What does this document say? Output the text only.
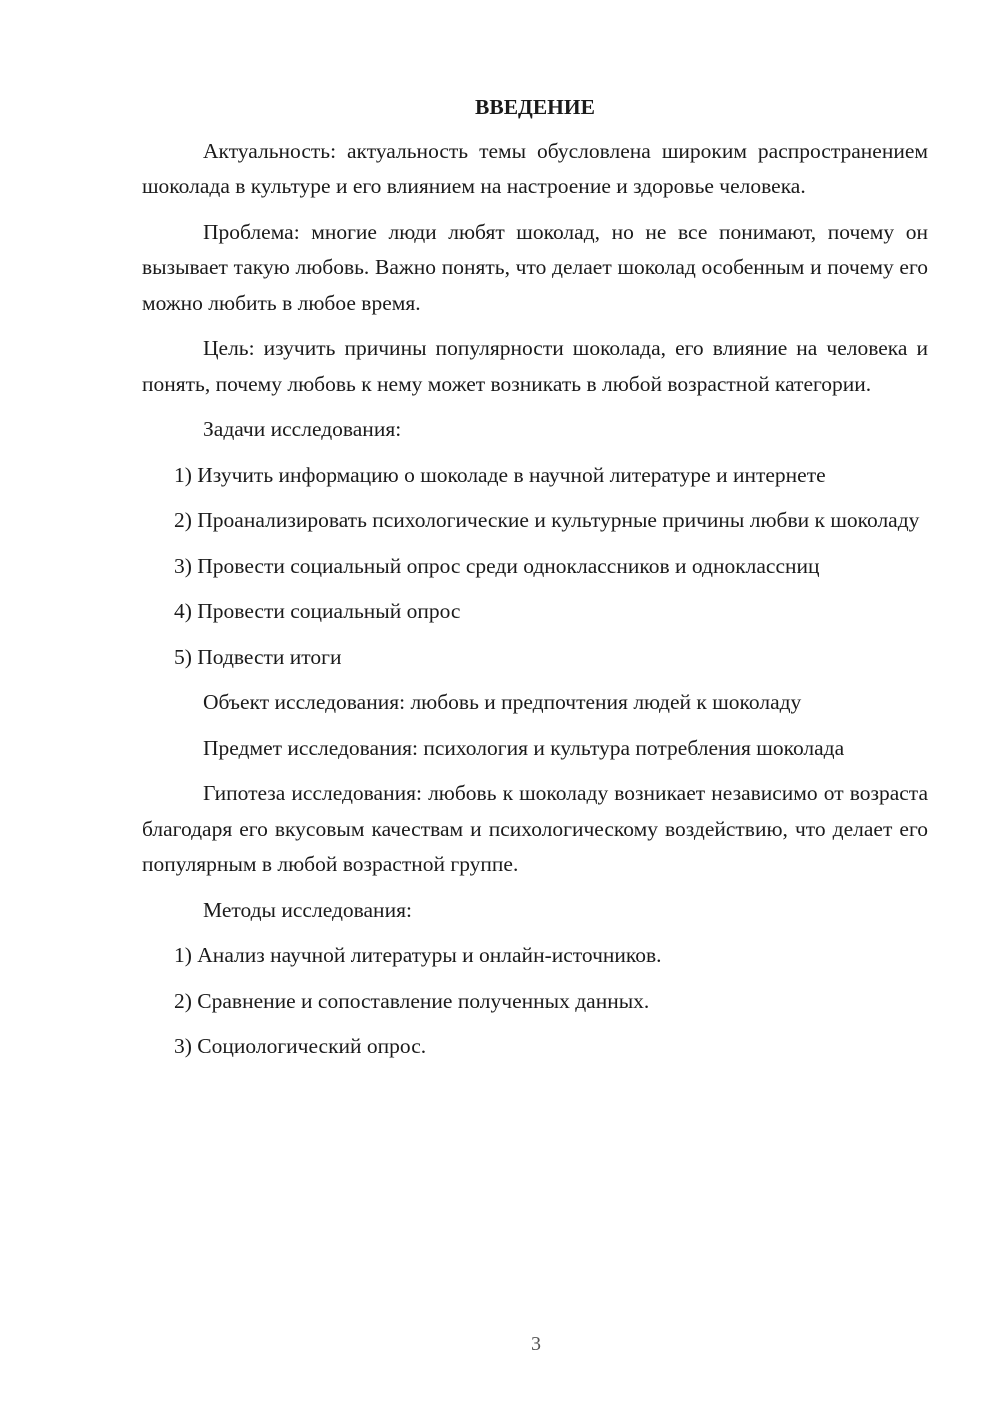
ВВЕДЕНИЕ
Актуальность: актуальность темы обусловлена широким распространением шоколада в культуре и его влиянием на настроение и здоровье человека.
Проблема: многие люди любят шоколад, но не все понимают, почему он вызывает такую любовь. Важно понять, что делает шоколад особенным и почему его можно любить в любое время.
Цель: изучить причины популярности шоколада, его влияние на человека и понять, почему любовь к нему может возникать в любой возрастной категории.
Задачи исследования:
1) Изучить информацию о шоколаде в научной литературе и интернете
2) Проанализировать психологические и культурные причины любви к шоколаду
3) Провести социальный опрос среди одноклассников и одноклассниц
4) Провести социальный опрос
5) Подвести итоги
Объект исследования: любовь и предпочтения людей к шоколаду
Предмет исследования: психология и культура потребления шоколада
Гипотеза исследования: любовь к шоколаду возникает независимо от возраста благодаря его вкусовым качествам и психологическому воздействию, что делает его популярным в любой возрастной группе.
Методы исследования:
1) Анализ научной литературы и онлайн-источников.
2) Сравнение и сопоставление полученных данных.
3) Социологический опрос.
3
